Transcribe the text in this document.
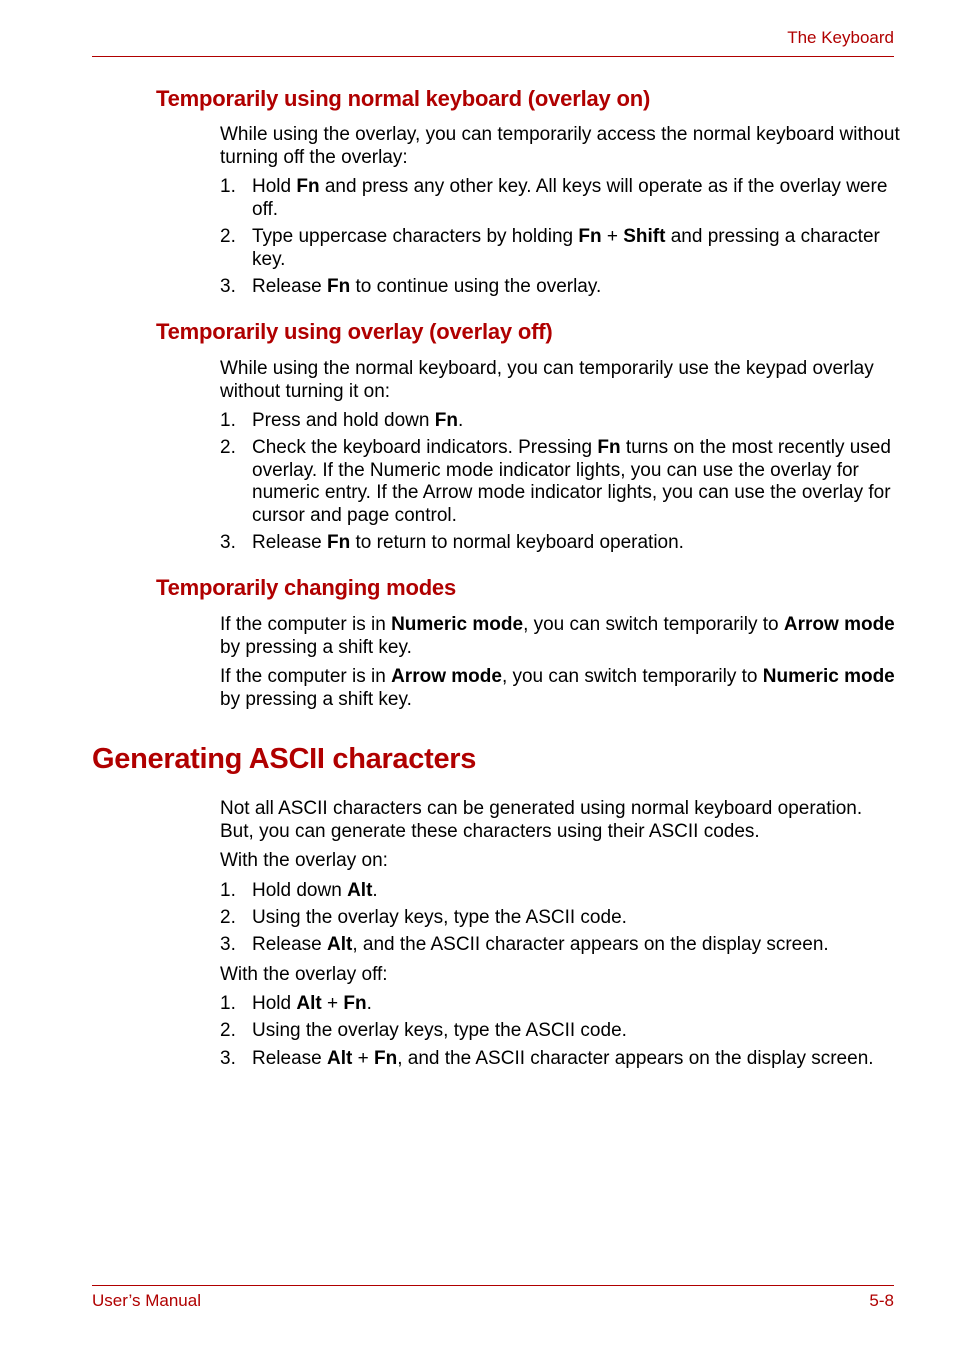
The Keyboard
Temporarily using normal keyboard (overlay on)

While using the overlay, you can temporarily access the normal keyboard without turning off the overlay:

1. Hold Fn and press any other key. All keys will operate as if the overlay were off.
2. Type uppercase characters by holding Fn + Shift and pressing a character key.
3. Release Fn to continue using the overlay.
Temporarily using overlay (overlay off)

While using the normal keyboard, you can temporarily use the keypad overlay without turning it on:

1. Press and hold down Fn.
2. Check the keyboard indicators. Pressing Fn turns on the most recently used overlay. If the Numeric mode indicator lights, you can use the overlay for numeric entry. If the Arrow mode indicator lights, you can use the overlay for cursor and page control.
3. Release Fn to return to normal keyboard operation.
Temporarily changing modes

If the computer is in Numeric mode, you can switch temporarily to Arrow mode by pressing a shift key.

If the computer is in Arrow mode, you can switch temporarily to Numeric mode by pressing a shift key.

Generating ASCII characters

Not all ASCII characters can be generated using normal keyboard operation. But, you can generate these characters using their ASCII codes.

With the overlay on:

1. Hold down Alt.
2. Using the overlay keys, type the ASCII code.
3. Release Alt, and the ASCII character appears on the display screen.

With the overlay off:

1. Hold Alt + Fn.
2. Using the overlay keys, type the ASCII code.
3. Release Alt + Fn, and the ASCII character appears on the display screen.
User’s Manual	5-8
